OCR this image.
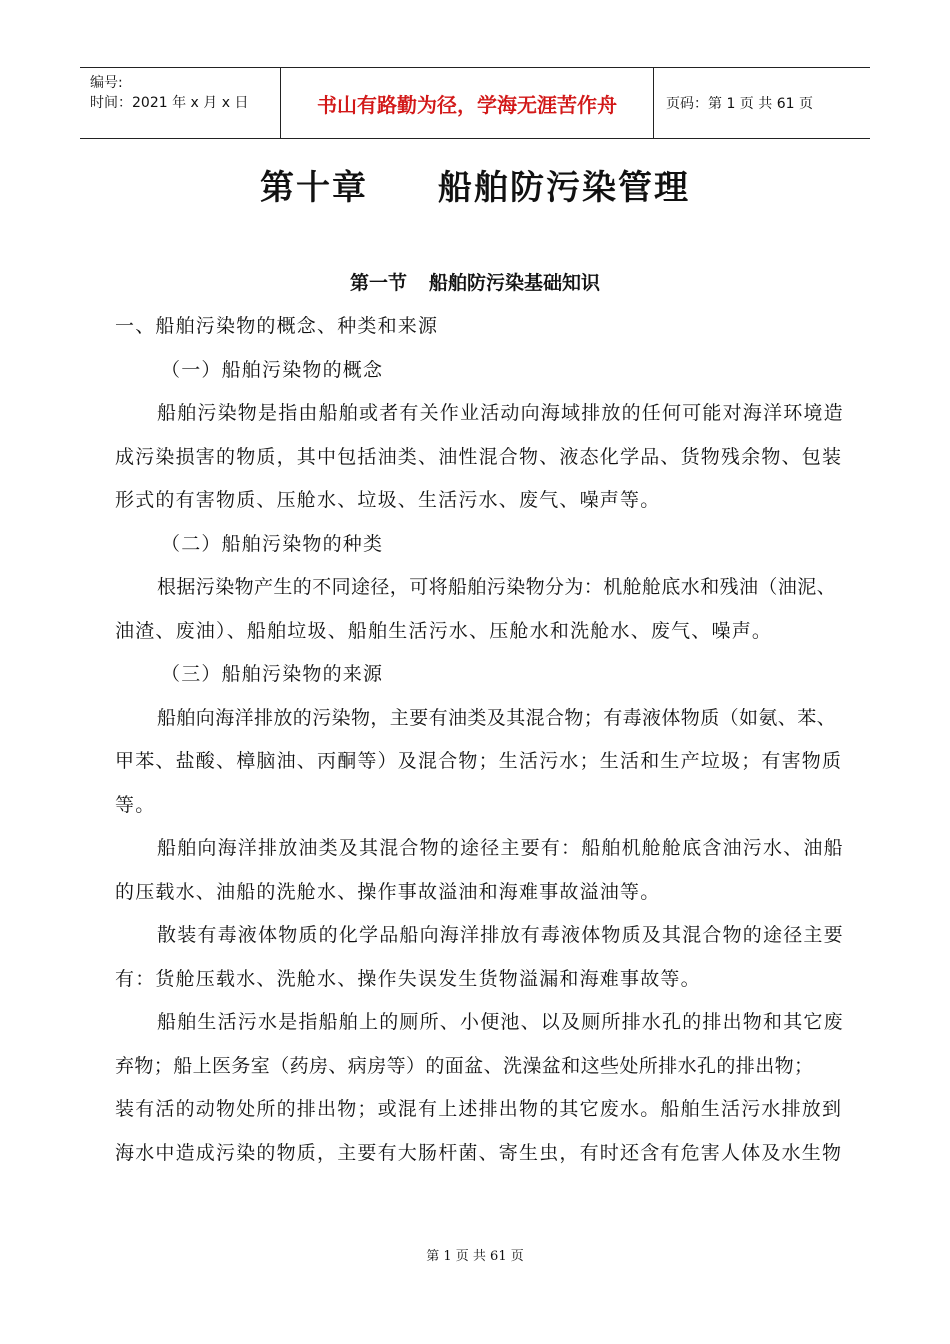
编号:
时间：2021 年 x 月 x 日	书山有路勤为径，学海无涯苦作舟	页码：第 1 页 共 61 页
第十章 船舶防污染管理
第一节 船舶防污染基础知识
一、船舶污染物的概念、种类和来源
（一）船舶污染物的概念
船舶污染物是指由船舶或者有关作业活动向海域排放的任何可能对海洋环境造
成污染损害的物质，其中包括油类、油性混合物、液态化学品、货物残余物、包装
形式的有害物质、压舱水、垃圾、生活污水、废气、噪声等。
（二）船舶污染物的种类
根据污染物产生的不同途径，可将船舶污染物分为：机舱舱底水和残油（油泥、
油渣、废油）、船舶垃圾、船舶生活污水、压舱水和洗舱水、废气、噪声。
（三）船舶污染物的来源
船舶向海洋排放的污染物，主要有油类及其混合物；有毒液体物质（如氨、苯、
甲苯、盐酸、樟脑油、丙酮等）及混合物；生活污水；生活和生产垃圾；有害物质
等。
船舶向海洋排放油类及其混合物的途径主要有：船舶机舱舱底含油污水、油船
的压载水、油船的洗舱水、操作事故溢油和海难事故溢油等。
散装有毒液体物质的化学品船向海洋排放有毒液体物质及其混合物的途径主要
有：货舱压载水、洗舱水、操作失误发生货物溢漏和海难事故等。
船舶生活污水是指船舶上的厕所、小便池、以及厕所排水孔的排出物和其它废
弃物；船上医务室（药房、病房等）的面盆、洗澡盆和这些处所排水孔的排出物；
装有活的动物处所的排出物；或混有上述排出物的其它废水。船舶生活污水排放到
海水中造成污染的物质，主要有大肠杆菌、寄生虫，有时还含有危害人体及水生物
第 1 页 共 61 页
